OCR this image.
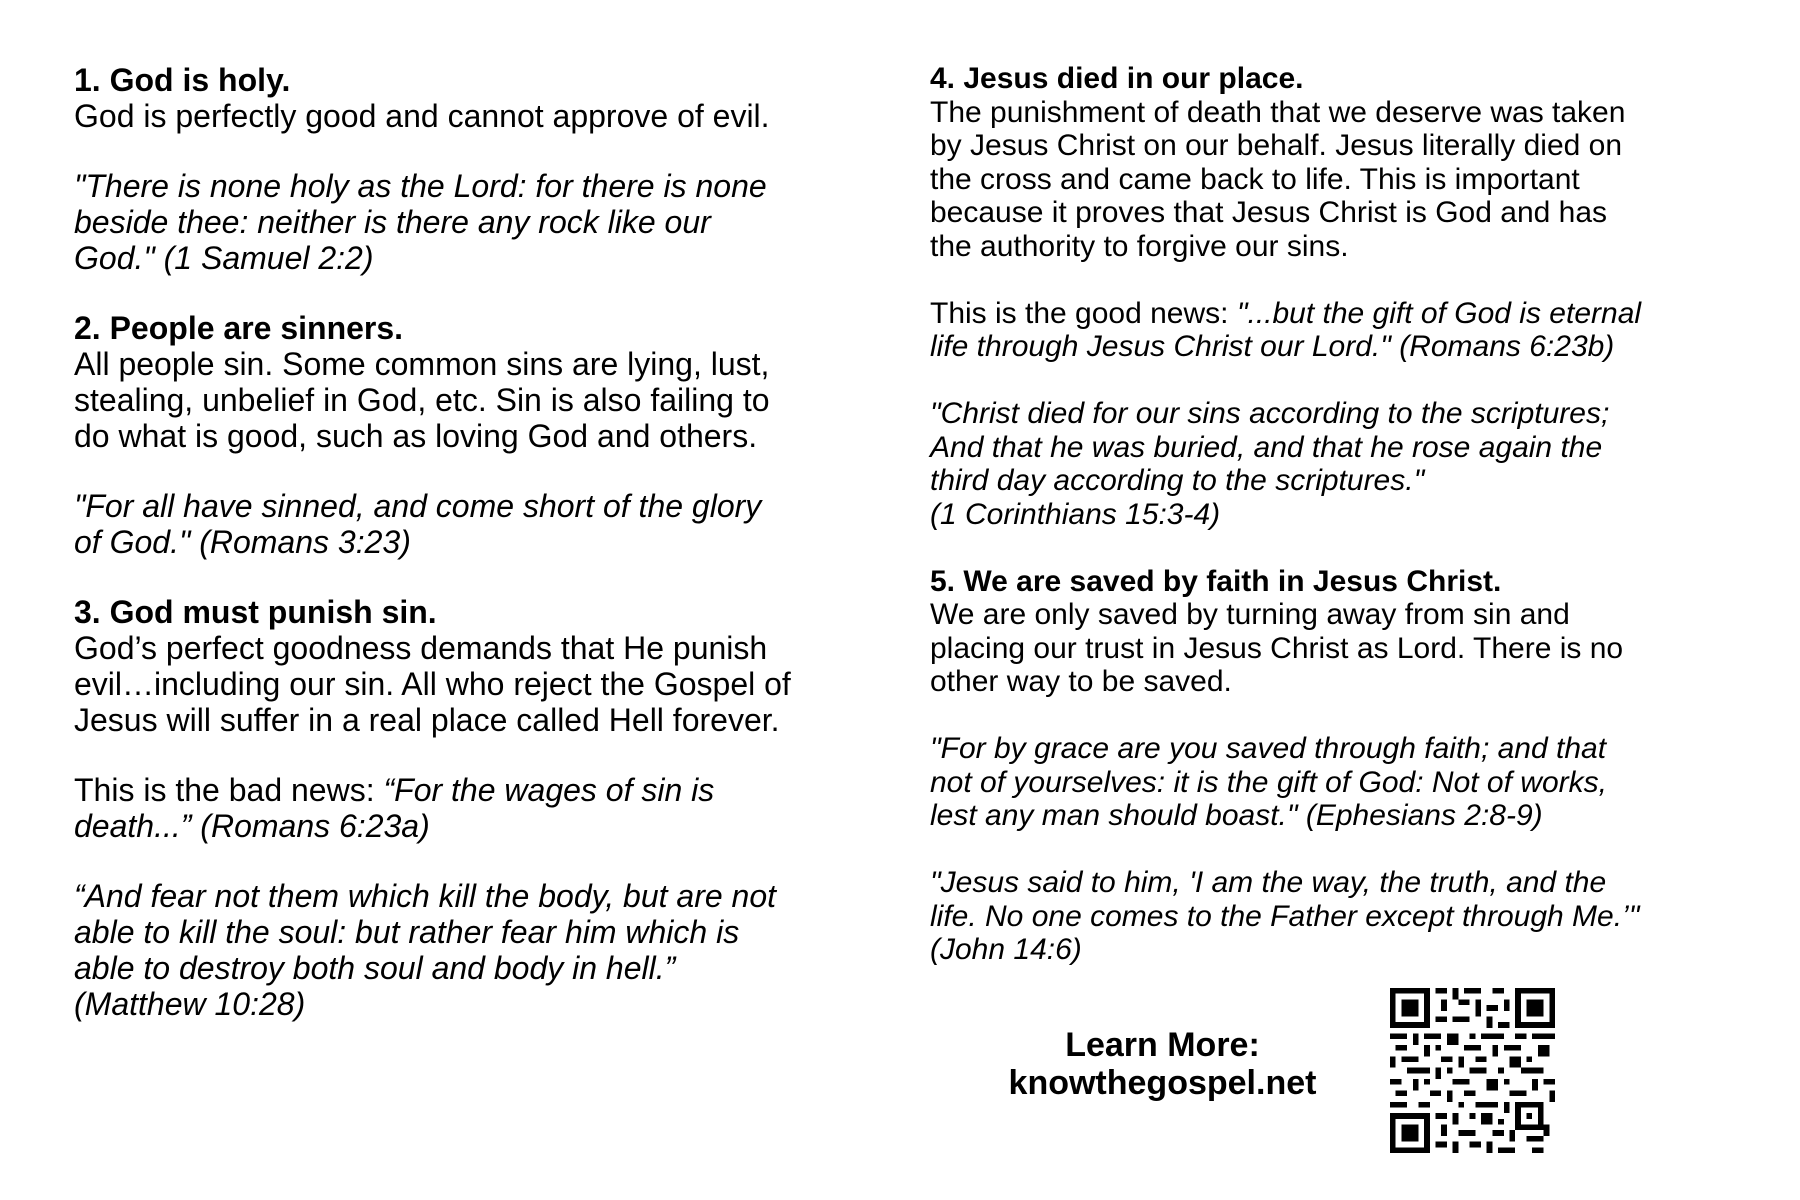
1. God is holy.
God is perfectly good and cannot approve of evil.
"There is none holy as the Lord: for there is none
beside thee: neither is there any rock like our
God." (1 Samuel 2:2)
2. People are sinners.
All people sin. Some common sins are lying, lust,
stealing, unbelief in God, etc. Sin is also failing to
do what is good, such as loving God and others.
"For all have sinned, and come short of the glory
of God." (Romans 3:23)
3. God must punish sin.
God’s perfect goodness demands that He punish
evil…including our sin. All who reject the Gospel of
Jesus will suffer in a real place called Hell forever.
This is the bad news: “For the wages of sin is
death...” (Romans 6:23a)
“And fear not them which kill the body, but are not
able to kill the soul: but rather fear him which is
able to destroy both soul and body in hell.”
(Matthew 10:28)
4. Jesus died in our place.
The punishment of death that we deserve was taken
by Jesus Christ on our behalf. Jesus literally died on
the cross and came back to life. This is important
because it proves that Jesus Christ is God and has
the authority to forgive our sins.
This is the good news: "...but the gift of God is eternal
life through Jesus Christ our Lord." (Romans 6:23b)
"Christ died for our sins according to the scriptures;
And that he was buried, and that he rose again the
third day according to the scriptures."
(1 Corinthians 15:3-4)
5. We are saved by faith in Jesus Christ.
We are only saved by turning away from sin and
placing our trust in Jesus Christ as Lord. There is no
other way to be saved.
"For by grace are you saved through faith; and that
not of yourselves: it is the gift of God: Not of works,
lest any man should boast." (Ephesians 2:8-9)
"Jesus said to him, 'I am the way, the truth, and the
life. No one comes to the Father except through Me.’"
(John 14:6)
Learn More:
knowthegospel.net
